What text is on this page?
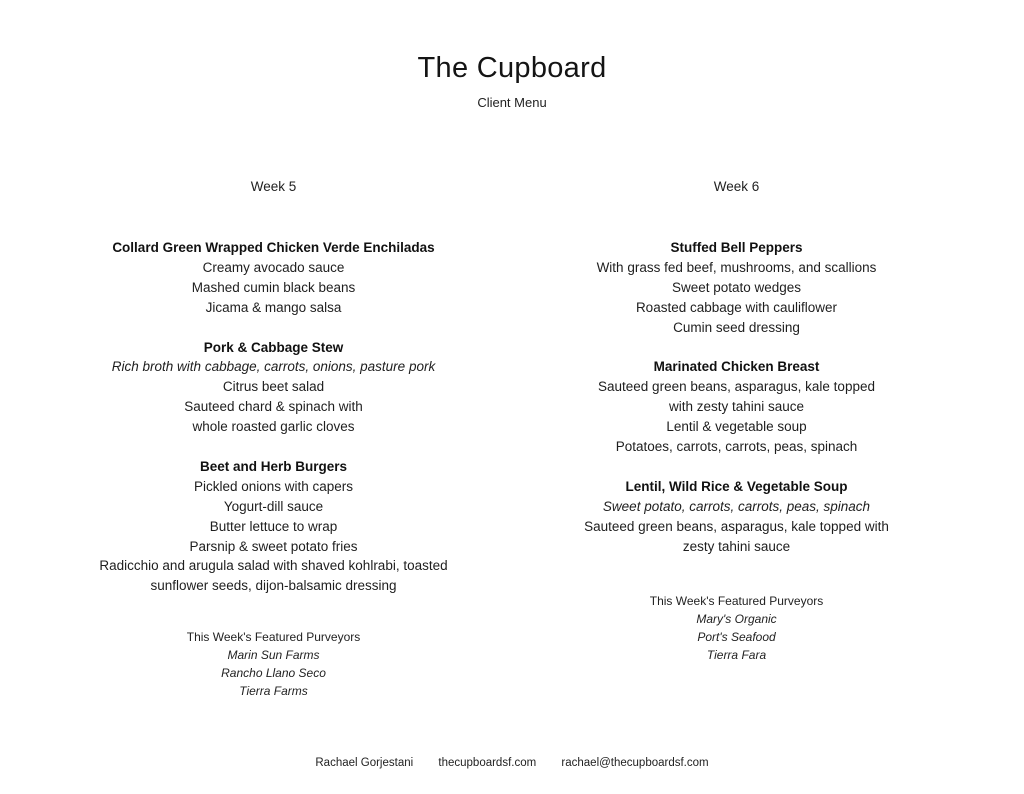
The Cupboard
Client Menu
Week 5
Collard Green Wrapped Chicken Verde Enchiladas
Creamy avocado sauce
Mashed cumin black beans
Jicama & mango salsa
Pork & Cabbage Stew
Rich broth with cabbage, carrots, onions, pasture pork
Citrus beet salad
Sauteed chard & spinach with
whole roasted garlic cloves
Beet and Herb Burgers
Pickled onions with capers
Yogurt-dill sauce
Butter lettuce to wrap
Parsnip & sweet potato fries
Radicchio and arugula salad with shaved kohlrabi, toasted
sunflower seeds, dijon-balsamic dressing
This Week's Featured Purveyors
Marin Sun Farms
Rancho Llano Seco
Tierra Farms
Week 6
Stuffed Bell Peppers
With grass fed beef, mushrooms, and scallions
Sweet potato wedges
Roasted cabbage with cauliflower
Cumin seed dressing
Marinated Chicken Breast
Sauteed green beans, asparagus, kale topped
with zesty tahini sauce
Lentil & vegetable soup
Potatoes, carrots, carrots, peas, spinach
Lentil, Wild Rice & Vegetable Soup
Sweet potato, carrots, carrots, peas, spinach
Sauteed green beans, asparagus, kale topped with
zesty tahini sauce
This Week's Featured Purveyors
Mary's Organic
Port's Seafood
Tierra Fara
Rachael Gorjestani thecupboardsf.com rachael@thecupboardsf.com
